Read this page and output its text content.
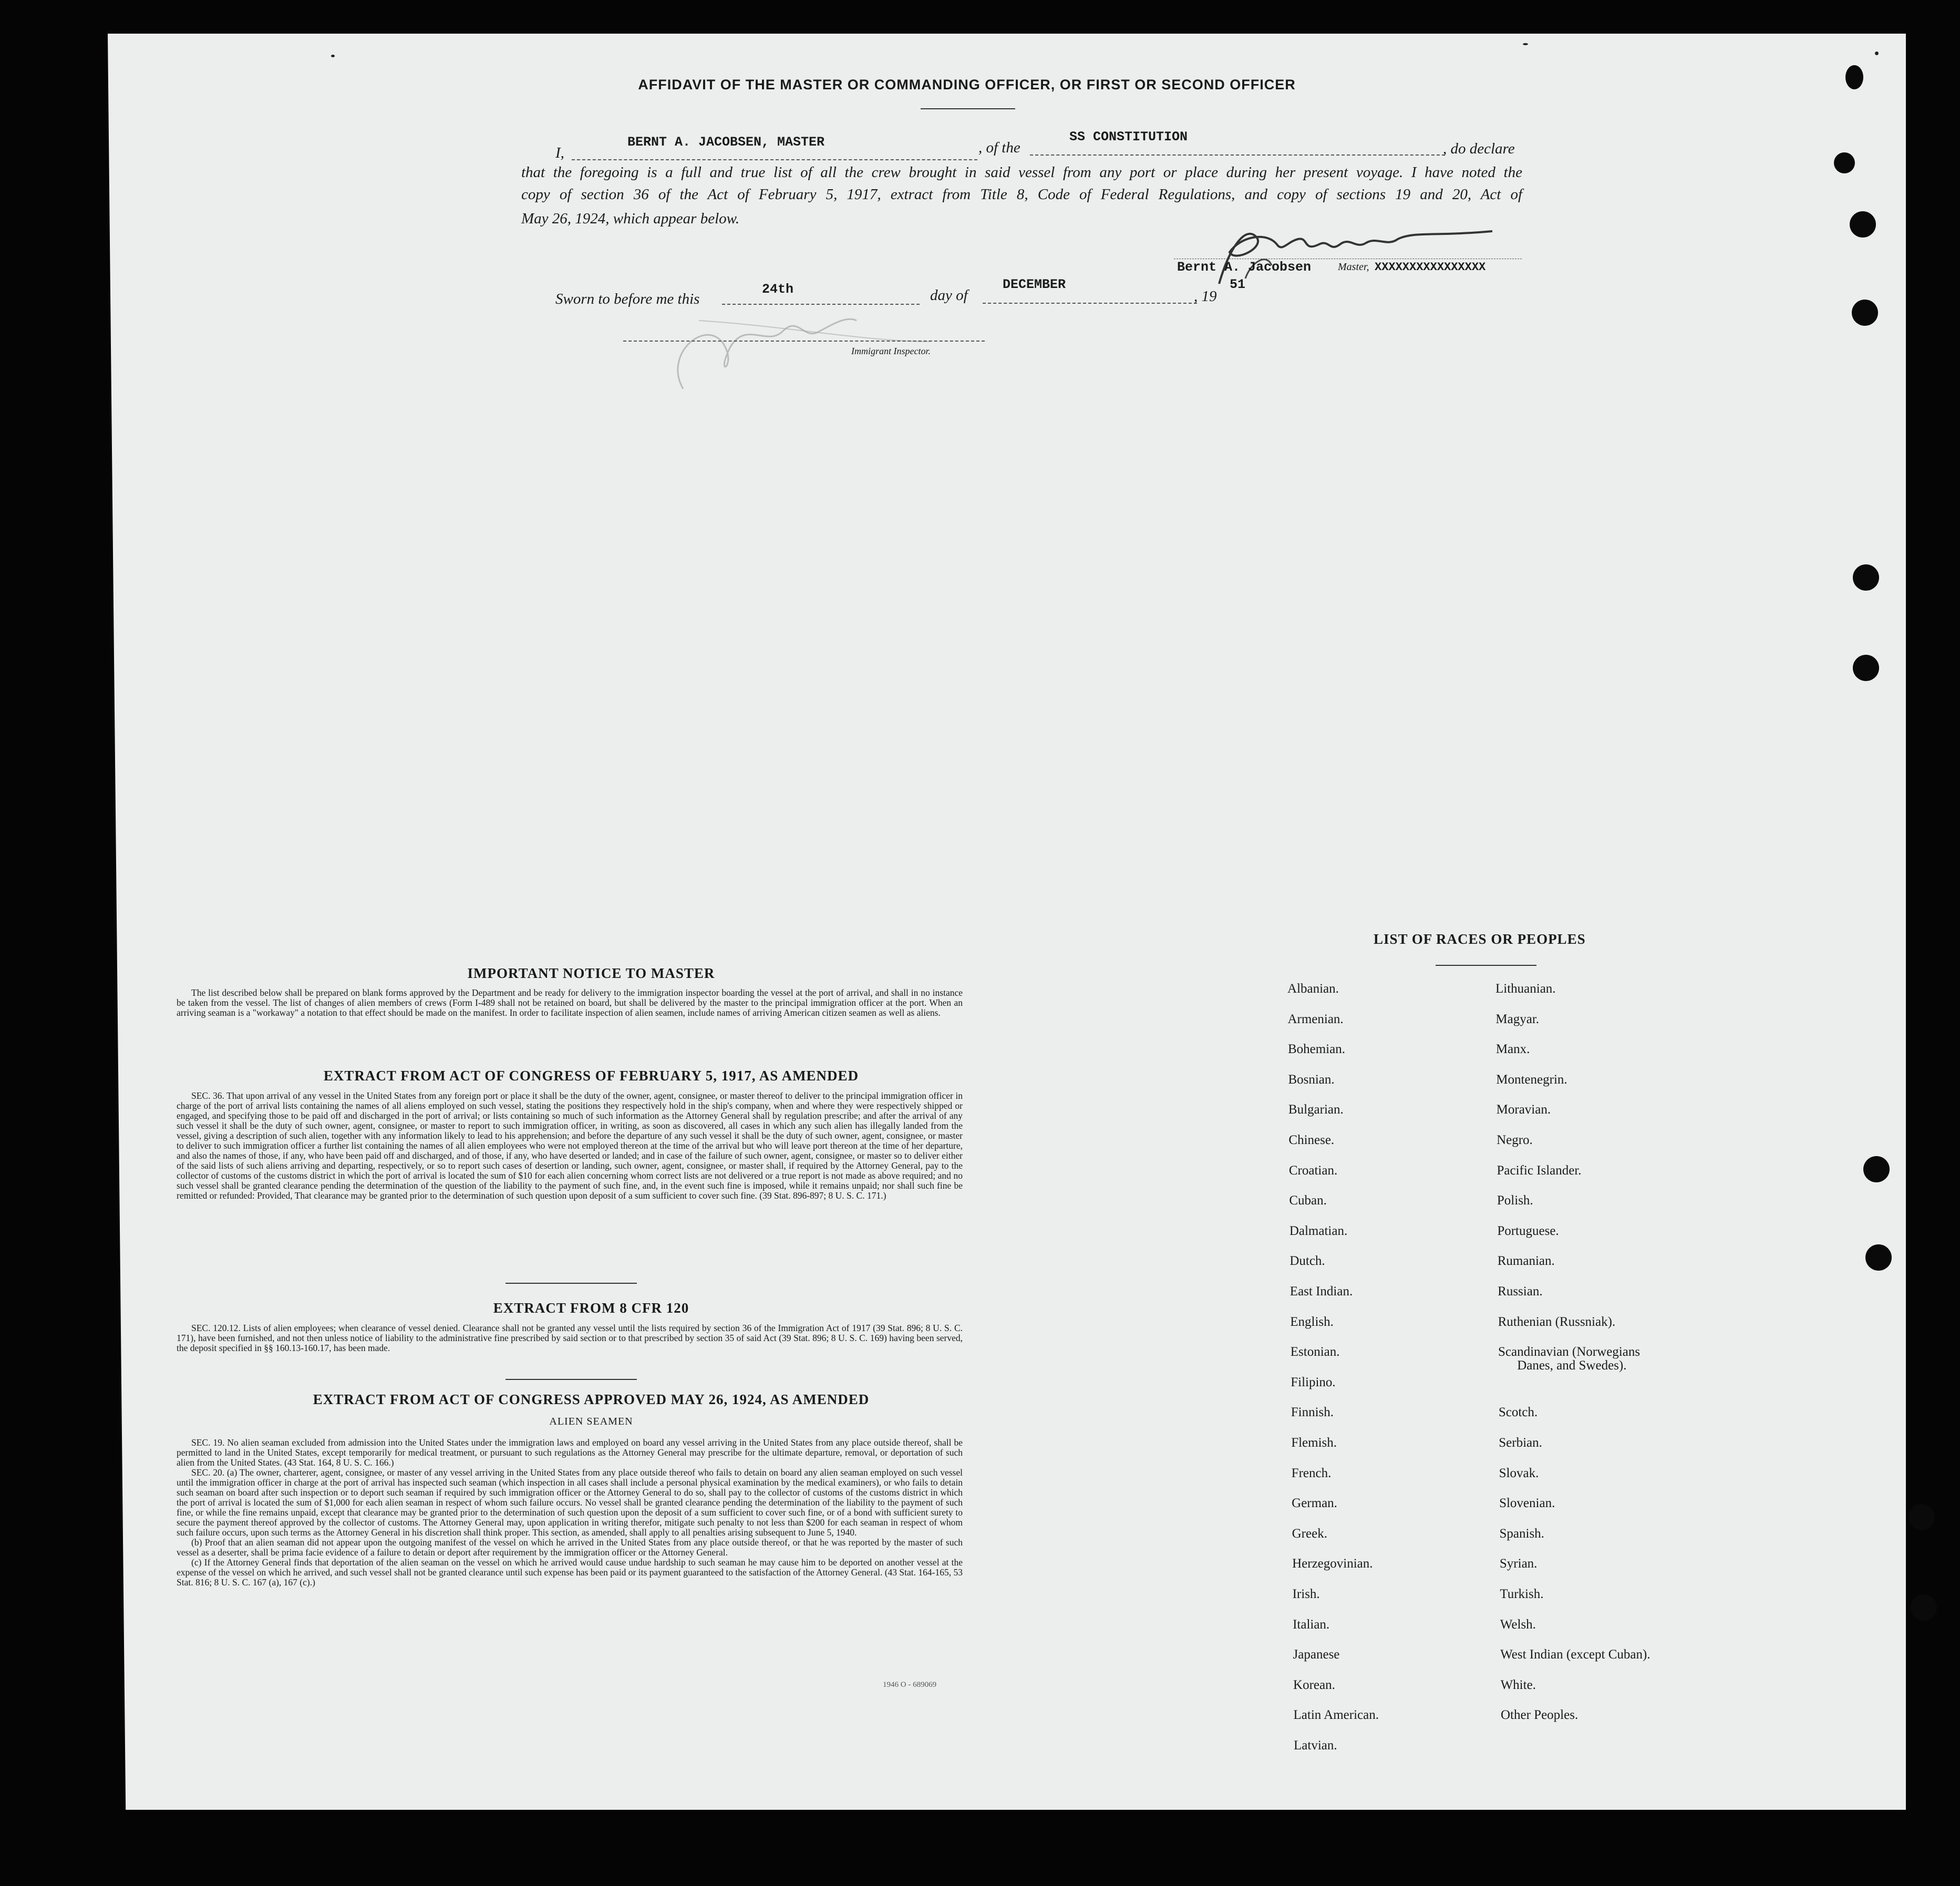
AFFIDAVIT OF THE MASTER OR COMMANDING OFFICER, OR FIRST OR SECOND OFFICER
I,
BERNT A. JACOBSEN, MASTER	, of the
SS CONSTITUTION
, do declare
that the foregoing is a full and true list of all the crew brought in said vessel from any port or place during her present voyage. I have noted the
copy of section 36 of the Act of February 5, 1917, extract from Title 8, Code of Federal Regulations, and copy of sections 19 and 20, Act of
May 26, 1924, which appear below.
Bernt A. Jacobsen	Master, XXXXXXXXXXXXXXXX
Sworn to before me this
24th	day of
DECEMBER
, 19
51
Immigrant Inspector.
IMPORTANT NOTICE TO MASTER

The list described below shall be prepared on blank forms approved by the Department and be ready for delivery to the immigration inspector boarding the vessel at the port of arrival, and shall in no instance be taken from the vessel. The list of changes of alien members of crews (Form I-489 shall not be retained on board, but shall be delivered by the master to the principal immigration officer at the port. When an arriving seaman is a "workaway" a notation to that effect should be made on the manifest. In order to facilitate inspection of alien seamen, include names of arriving American citizen seamen as well as aliens.

EXTRACT FROM ACT OF CONGRESS OF FEBRUARY 5, 1917, AS AMENDED

SEC. 36. That upon arrival of any vessel in the United States from any foreign port or place it shall be the duty of the owner, agent, consignee, or master thereof to deliver to the principal immigration officer in charge of the port of arrival lists containing the names of all aliens employed on such vessel, stating the positions they respectively hold in the ship's company, when and where they were respectively shipped or engaged, and specifying those to be paid off and discharged in the port of arrival; or lists containing so much of such information as the Attorney General shall by regulation prescribe; and after the arrival of any such vessel it shall be the duty of such owner, agent, consignee, or master to report to such immigration officer, in writing, as soon as discovered, all cases in which any such alien has illegally landed from the vessel, giving a description of such alien, together with any information likely to lead to his apprehension; and before the departure of any such vessel it shall be the duty of such owner, agent, consignee, or master to deliver to such immigration officer a further list containing the names of all alien employees who were not employed thereon at the time of the arrival but who will leave port thereon at the time of her departure, and also the names of those, if any, who have been paid off and discharged, and of those, if any, who have deserted or landed; and in case of the failure of such owner, agent, consignee, or master so to deliver either of the said lists of such aliens arriving and departing, respectively, or so to report such cases of desertion or landing, such owner, agent, consignee, or master shall, if required by the Attorney General, pay to the collector of customs of the customs district in which the port of arrival is located the sum of $10 for each alien concerning whom correct lists are not delivered or a true report is not made as above required; and no such vessel shall be granted clearance pending the determination of the question of the liability to the payment of such fine, and, in the event such fine is imposed, while it remains unpaid; nor shall such fine be remitted or refunded: Provided, That clearance may be granted prior to the determination of such question upon deposit of a sum sufficient to cover such fine. (39 Stat. 896-897; 8 U. S. C. 171.)

EXTRACT FROM 8 CFR 120

SEC. 120.12. Lists of alien employees; when clearance of vessel denied. Clearance shall not be granted any vessel until the lists required by section 36 of the Immigration Act of 1917 (39 Stat. 896; 8 U. S. C. 171), have been furnished, and not then unless notice of liability to the administrative fine prescribed by said section or to that prescribed by section 35 of said Act (39 Stat. 896; 8 U. S. C. 169) having been served, the deposit specified in §§ 160.13-160.17, has been made.

EXTRACT FROM ACT OF CONGRESS APPROVED MAY 26, 1924, AS AMENDED
ALIEN SEAMEN

SEC. 19. No alien seaman excluded from admission into the United States under the immigration laws and employed on board any vessel arriving in the United States from any place outside thereof, shall be permitted to land in the United States, except temporarily for medical treatment, or pursuant to such regulations as the Attorney General may prescribe for the ultimate departure, removal, or deportation of such alien from the United States. (43 Stat. 164, 8 U. S. C. 166.)

SEC. 20. (a) The owner, charterer, agent, consignee, or master of any vessel arriving in the United States from any place outside thereof who fails to detain on board any alien seaman employed on such vessel until the immigration officer in charge at the port of arrival has inspected such seaman (which inspection in all cases shall include a personal physical examination by the medical examiners), or who fails to detain such seaman on board after such inspection or to deport such seaman if required by such immigration officer or the Attorney General to do so, shall pay to the collector of customs of the customs district in which the port of arrival is located the sum of $1,000 for each alien seaman in respect of whom such failure occurs. No vessel shall be granted clearance pending the determination of the liability to the payment of such fine, or while the fine remains unpaid, except that clearance may be granted prior to the determination of such question upon the deposit of a sum sufficient to cover such fine, or of a bond with sufficient surety to secure the payment thereof approved by the collector of customs. The Attorney General may, upon application in writing therefor, mitigate such penalty to not less than $200 for each seaman in respect of whom such failure occurs, upon such terms as the Attorney General in his discretion shall think proper. This section, as amended, shall apply to all penalties arising subsequent to June 5, 1940.

(b) Proof that an alien seaman did not appear upon the outgoing manifest of the vessel on which he arrived in the United States from any place outside thereof, or that he was reported by the master of such vessel as a deserter, shall be prima facie evidence of a failure to detain or deport after requirement by the immigration officer or the Attorney General.

(c) If the Attorney General finds that deportation of the alien seaman on the vessel on which he arrived would cause undue hardship to such seaman he may cause him to be deported on another vessel at the expense of the vessel on which he arrived, and such vessel shall not be granted clearance until such expense has been paid or its payment guaranteed to the satisfaction of the Attorney General. (43 Stat. 164-165, 53 Stat. 816; 8 U. S. C. 167 (a), 167 (c).)

1946 O - 689069
LIST OF RACES OR PEOPLES
Albanian.
Armenian.
Bohemian.
Bosnian.
Bulgarian.
Chinese.
Croatian.
Cuban.
Dalmatian.
Dutch.
East Indian.
English.
Estonian.
Filipino.
Finnish.
Flemish.
French.
German.
Greek.
Herzegovinian.
Irish.
Italian.
Japanese
Korean.
Latin American.
Latvian.
Lithuanian.
Magyar.
Manx.
Montenegrin.
Moravian.
Negro.
Pacific Islander.
Polish.
Portuguese.
Rumanian.
Russian.
Ruthenian (Russniak).
Scandinavian (Norwegians
Danes, and Swedes).
Scotch.
Serbian.
Slovak.
Slovenian.
Spanish.
Syrian.
Turkish.
Welsh.
West Indian (except Cuban).
White.
Other Peoples.
